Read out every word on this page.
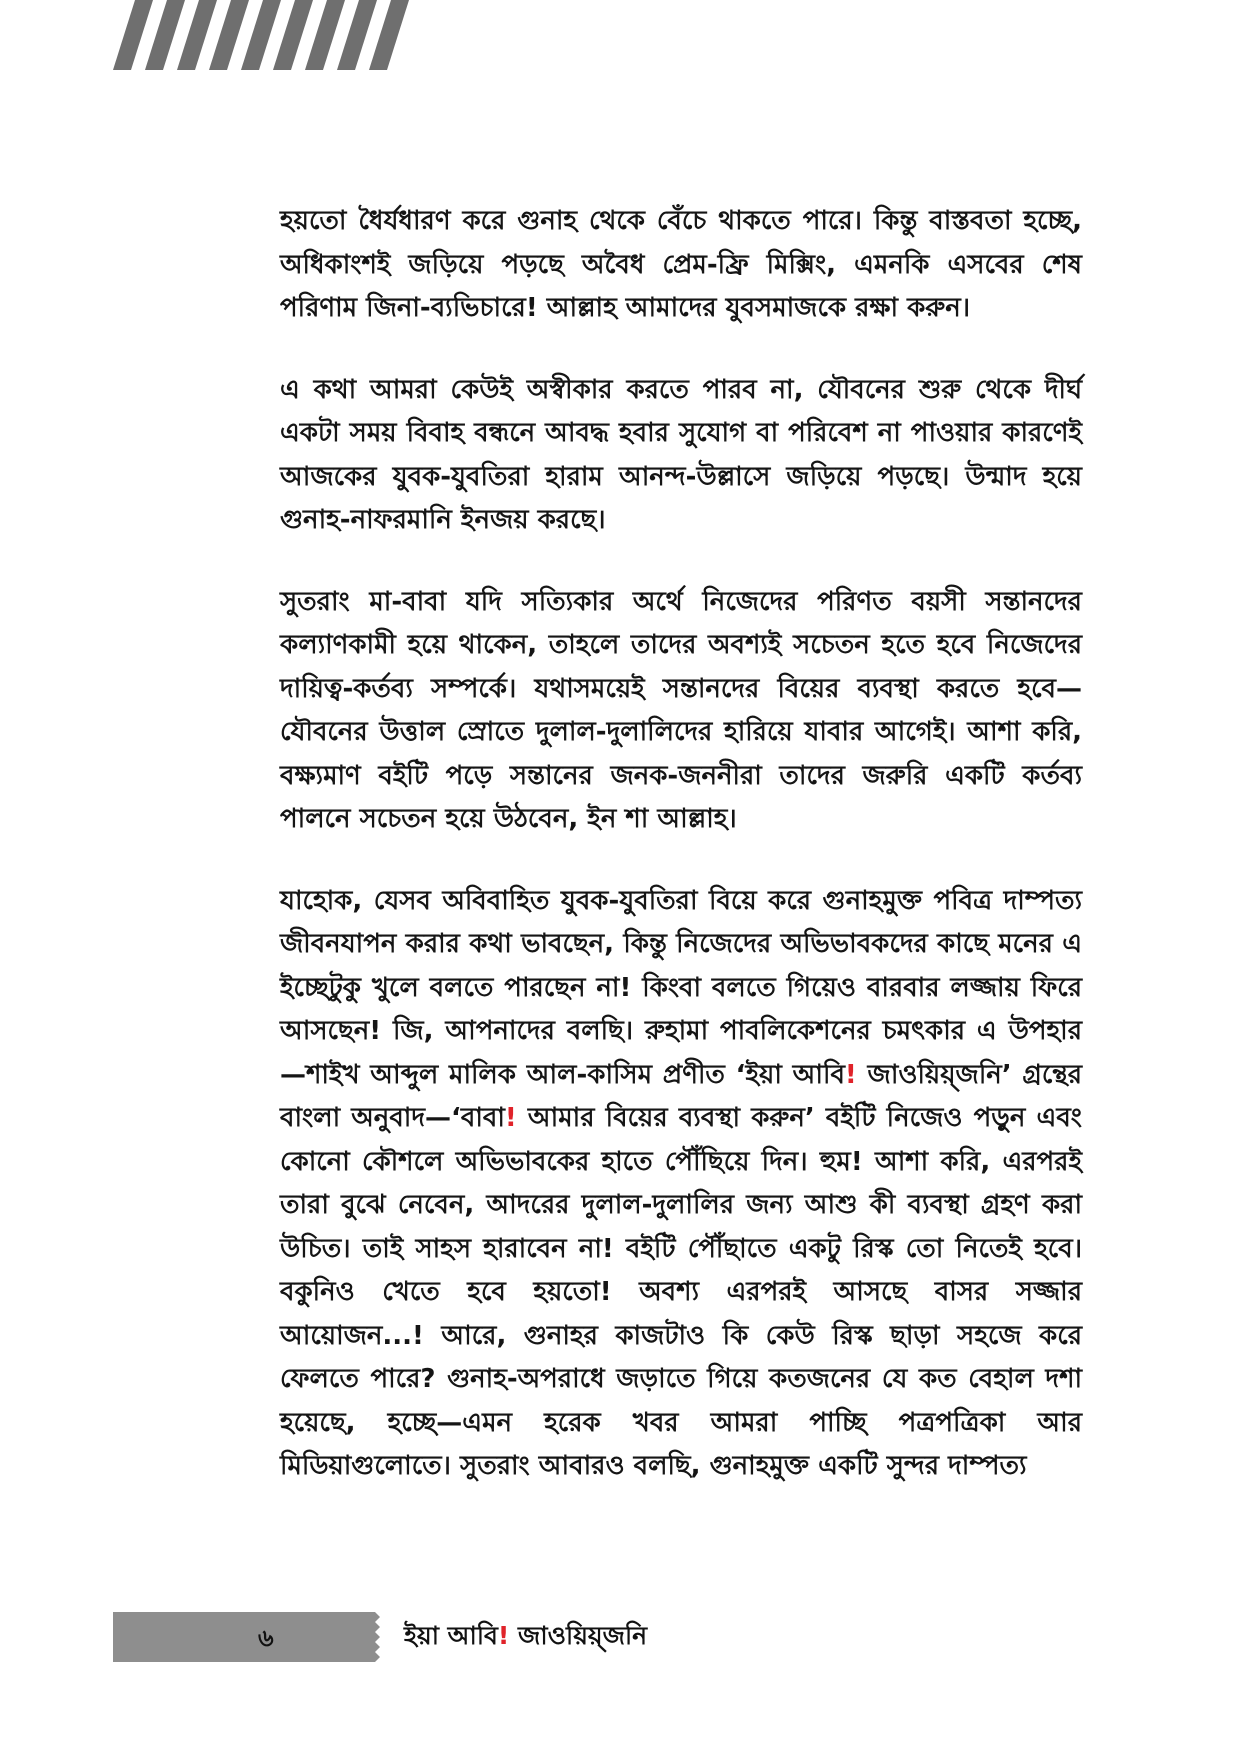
হয়তো ধৈর্যধারণ করে গুনাহ থেকে বেঁচে থাকতে পারে। কিন্তু বাস্তবতা হচ্ছে, অধিকাংশই জড়িয়ে পড়ছে অবৈধ প্রেম-ফ্রি মিক্সিং, এমনকি এসবের শেষ পরিণাম জিনা-ব্যভিচারে! আল্লাহ আমাদের যুবসমাজকে রক্ষা করুন।

এ কথা আমরা কেউই অস্বীকার করতে পারব না, যৌবনের শুরু থেকে দীর্ঘ একটা সময় বিবাহ বন্ধনে আবদ্ধ হবার সুযোগ বা পরিবেশ না পাওয়ার কারণেই আজকের যুবক-যুবতিরা হারাম আনন্দ-উল্লাসে জড়িয়ে পড়ছে। উন্মাদ হয়ে গুনাহ-নাফরমানি ইনজয় করছে।

সুতরাং মা-বাবা যদি সত্যিকার অর্থে নিজেদের পরিণত বয়সী সন্তানদের কল্যাণকামী হয়ে থাকেন, তাহলে তাদের অবশ্যই সচেতন হতে হবে নিজেদের দায়িত্ব-কর্তব্য সম্পর্কে। যথাসময়েই সন্তানদের বিয়ের ব্যবস্থা করতে হবে—যৌবনের উত্তাল স্রোতে দুলাল-দুলালিদের হারিয়ে যাবার আগেই। আশা করি, বক্ষ্যমাণ বইটি পড়ে সন্তানের জনক-জননীরা তাদের জরুরি একটি কর্তব্য পালনে সচেতন হয়ে উঠবেন, ইন শা আল্লাহ।

যাহোক, যেসব অবিবাহিত যুবক-যুবতিরা বিয়ে করে গুনাহমুক্ত পবিত্র দাম্পত্য জীবনযাপন করার কথা ভাবছেন, কিন্তু নিজেদের অভিভাবকদের কাছে মনের এ ইচ্ছেটুকু খুলে বলতে পারছেন না! কিংবা বলতে গিয়েও বারবার লজ্জায় ফিরে আসছেন! জি, আপনাদের বলছি। রুহামা পাবলিকেশনের চমৎকার এ উপহার—শাইখ আব্দুল মালিক আল-কাসিম প্রণীত ‘ইয়া আবি! জাওয়িয়্জনি’ গ্রন্থের বাংলা অনুবাদ—‘বাবা! আমার বিয়ের ব্যবস্থা করুন’ বইটি নিজেও পড়ুন এবং কোনো কৌশলে অভিভাবকের হাতে পৌঁছিয়ে দিন। হুম! আশা করি, এরপরই তারা বুঝে নেবেন, আদরের দুলাল-দুলালির জন্য আশু কী ব্যবস্থা গ্রহণ করা উচিত। তাই সাহস হারাবেন না! বইটি পৌঁছাতে একটু রিস্ক তো নিতেই হবে। বকুনিও খেতে হবে হয়তো! অবশ্য এরপরই আসছে বাসর সজ্জার আয়োজন...! আরে, গুনাহর কাজটাও কি কেউ রিস্ক ছাড়া সহজে করে ফেলতে পারে? গুনাহ-অপরাধে জড়াতে গিয়ে কতজনের যে কত বেহাল দশা হয়েছে, হচ্ছে—এমন হরেক খবর আমরা পাচ্ছি পত্রপত্রিকা আর মিডিয়াগুলোতে। সুতরাং আবারও বলছি, গুনাহমুক্ত একটি সুন্দর দাম্পত্য

৬	ইয়া আবি! জাওয়িয়্জনি
